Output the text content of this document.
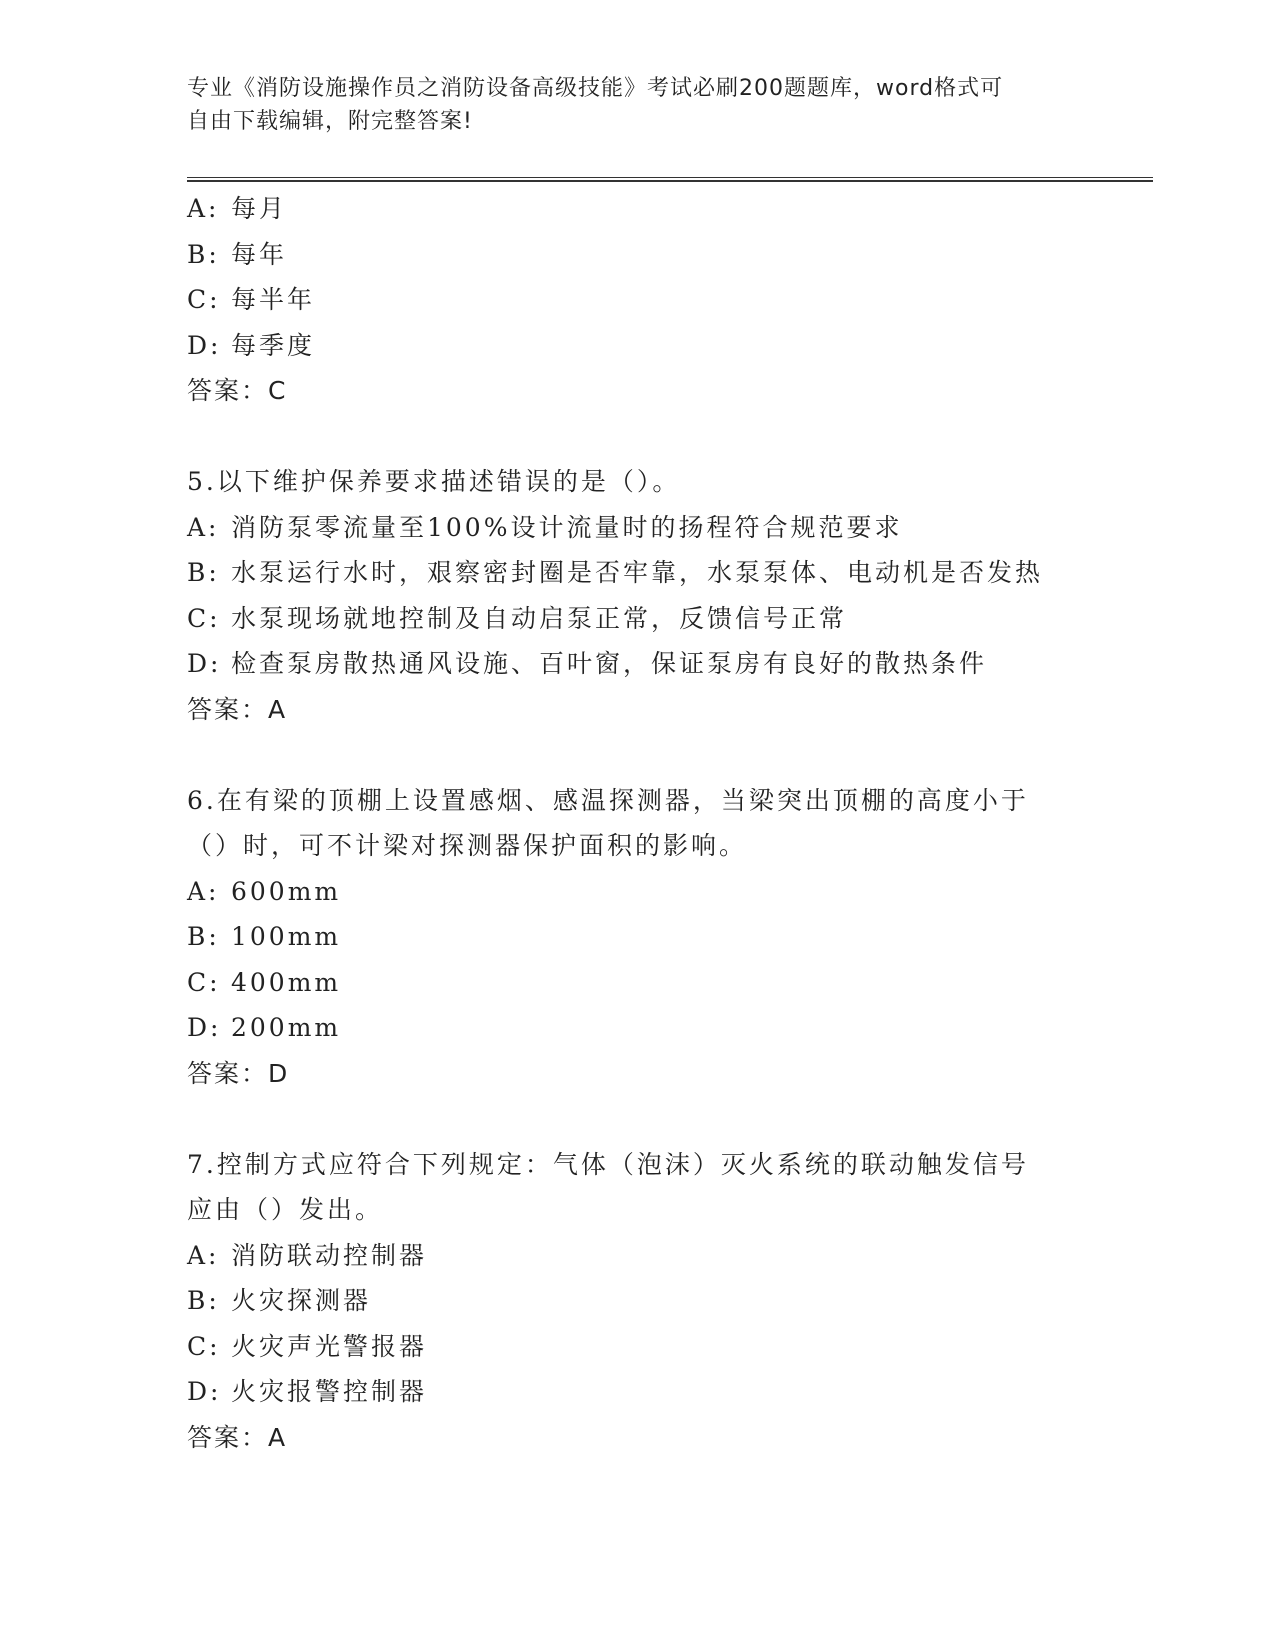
专业《消防设施操作员之消防设备高级技能》考试必刷200题题库，word格式可
自由下载编辑，附完整答案!
A: 每月
B: 每年
C: 每半年
D: 每季度
答案：C
5.以下维护保养要求描述错误的是（）。
A: 消防泵零流量至100%设计流量时的扬程符合规范要求
B: 水泵运行水时，艰察密封圈是否牢靠，水泵泵体、电动机是否发热
C: 水泵现场就地控制及自动启泵正常，反馈信号正常
D: 检查泵房散热通风设施、百叶窗，保证泵房有良好的散热条件
答案：A
6.在有梁的顶棚上设置感烟、感温探测器，当梁突出顶棚的高度小于
（）时，可不计梁对探测器保护面积的影响。
A: 600mm
B: 100mm
C: 400mm
D: 200mm
答案：D
7.控制方式应符合下列规定：气体（泡沫）灭火系统的联动触发信号
应由（）发出。
A: 消防联动控制器
B: 火灾探测器
C: 火灾声光警报器
D: 火灾报警控制器
答案：A
